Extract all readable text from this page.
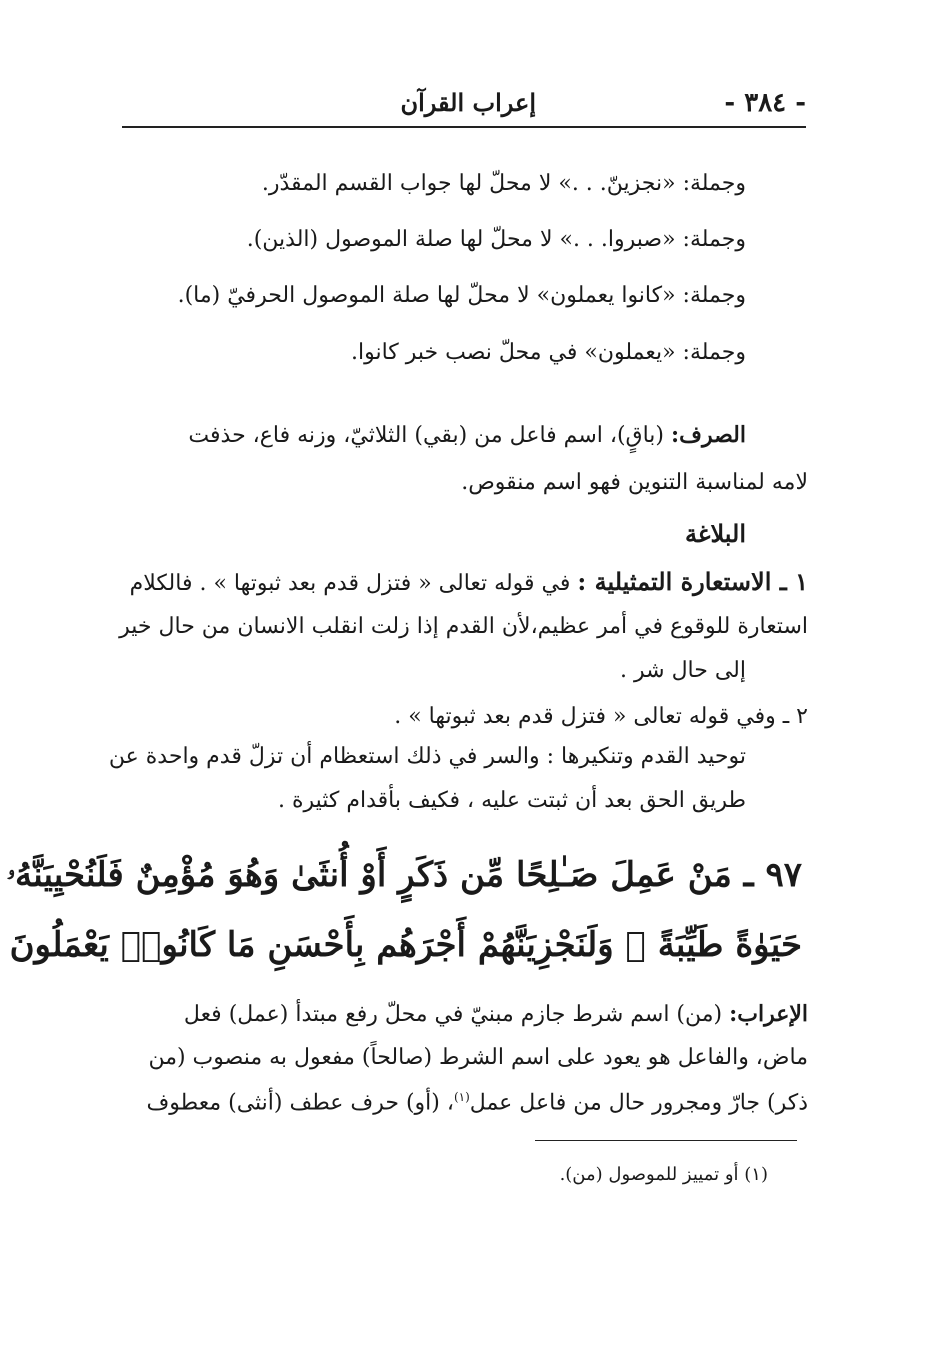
- ٣٨٤ -
إعراب القرآن
وجملة: «نجزينّ. . .» لا محلّ لها جواب القسم المقدّر.
وجملة: «صبروا. . .» لا محلّ لها صلة الموصول (الذين).
وجملة: «كانوا يعملون» لا محلّ لها صلة الموصول الحرفيّ (ما).
وجملة: «يعملون» في محلّ نصب خبر كانوا.
الصرف: (باقٍ)، اسم فاعل من (بقي) الثلاثيّ، وزنه فاع، حذفت
لامه لمناسبة التنوين فهو اسم منقوص.
البلاغة
١ ـ الاستعارة التمثيلية : في قوله تعالى « فتزل قدم بعد ثبوتها » . فالكلام
استعارة للوقوع في أمر عظيم،لأن القدم إذا زلت انقلب الانسان من حال خير
إلى حال شر .
٢ ـ وفي قوله تعالى « فتزل قدم بعد ثبوتها » .
توحيد القدم وتنكيرها : والسر في ذلك استعظام أن تزلّ قدم واحدة عن
طريق الحق بعد أن ثبتت عليه ، فكيف بأقدام كثيرة .
٩٧ ـ مَنْ عَمِلَ صَـٰلِحًا مِّن ذَكَرٍ أَوْ أُنثَىٰ وَهُوَ مُؤْمِنٌ فَلَنُحْيِيَنَّهُۥ
حَيَوٰةً طَيِّبَةً ۖ وَلَنَجْزِيَنَّهُمْ أَجْرَهُم بِأَحْسَنِ مَا كَانُوا۟ يَعْمَلُونَ
الإعراب: (من) اسم شرط جازم مبنيّ في محلّ رفع مبتدأ (عمل) فعل
ماض، والفاعل هو يعود على اسم الشرط (صالحاً) مفعول به منصوب (من
ذكر) جارّ ومجرور حال من فاعل عمل$^{(١)}$، (أو) حرف عطف (أنثى) معطوف
(١) أو تمييز للموصول (من).
